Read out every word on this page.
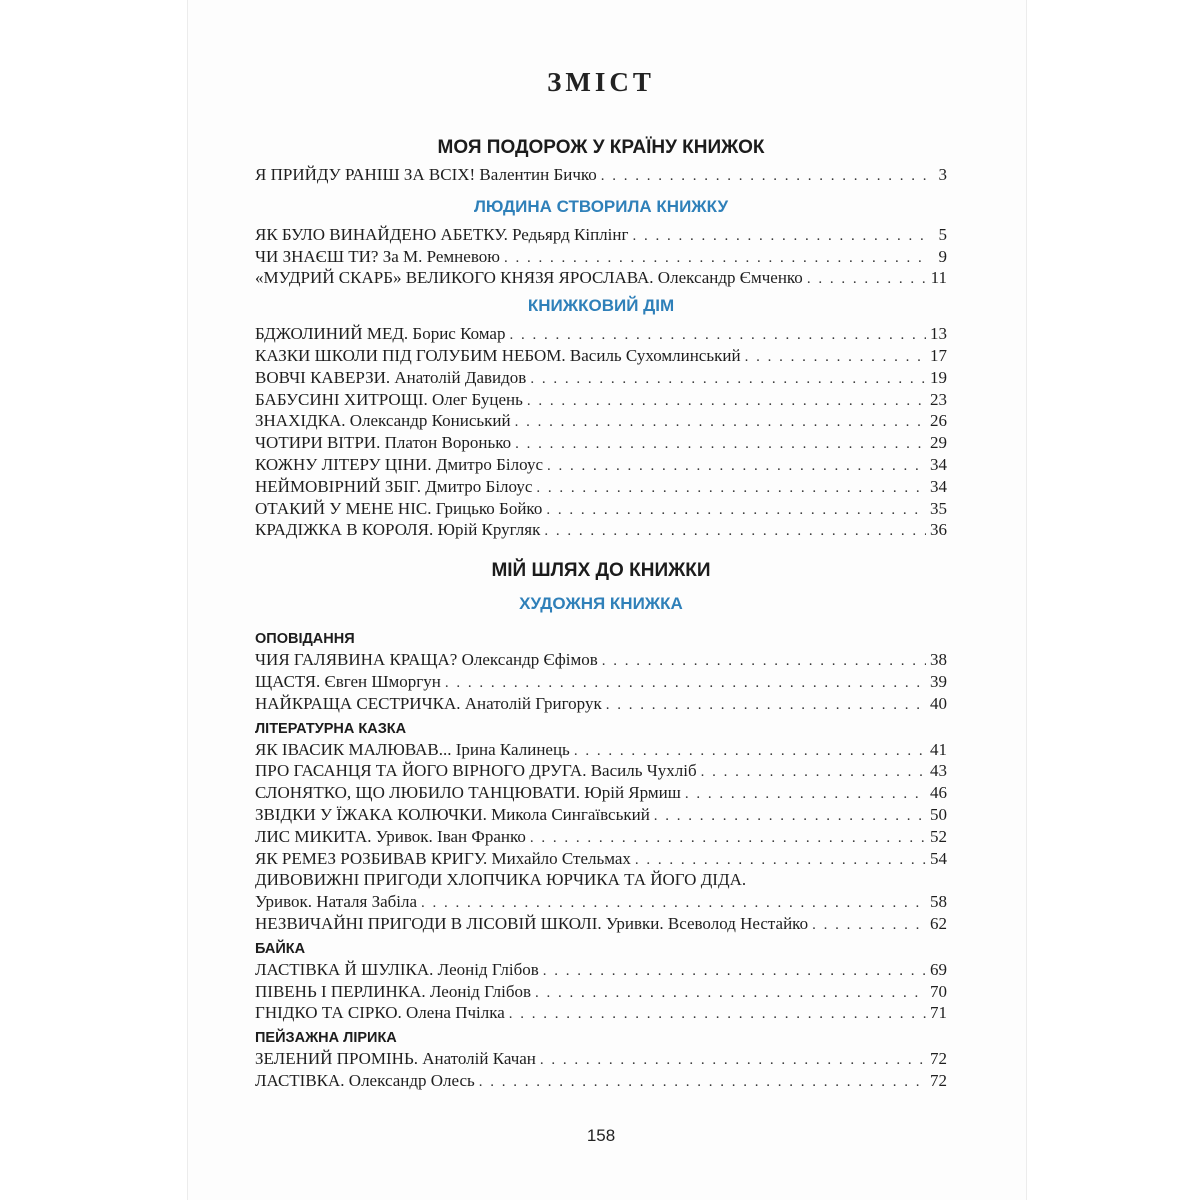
ЗМІСТ
МОЯ ПОДОРОЖ У КРАЇНУ КНИЖОК
Я ПРИЙДУ РАНІШ ЗА ВСІХ! Валентин Бичко . . .	3
ЛЮДИНА СТВОРИЛА КНИЖКУ
ЯК БУЛО ВИНАЙДЕНО АБЕТКУ. Редьярд Кіплінг . . .	5
ЧИ ЗНАЄШ ТИ? За М. Ремневою . . .	9
«МУДРИЙ СКАРБ» ВЕЛИКОГО КНЯЗЯ ЯРОСЛАВА. Олександр Ємченко . . .	11
КНИЖКОВИЙ ДІМ
БДЖОЛИНИЙ МЕД. Борис Комар . . .	13
КАЗКИ ШКОЛИ ПІД ГОЛУБИМ НЕБОМ. Василь Сухомлинський . . .	17
ВОВЧІ КАВЕРЗИ. Анатолій Давидов . . .	19
БАБУСИНІ ХИТРОЩІ. Олег Буцень . . .	23
ЗНАХІДКА. Олександр Кониський . . .	26
ЧОТИРИ ВІТРИ. Платон Воронько . . .	29
КОЖНУ ЛІТЕРУ ЦІНИ. Дмитро Білоус . . .	34
НЕЙМОВІРНИЙ ЗБІГ. Дмитро Білоус . . .	34
ОТАКИЙ У МЕНЕ НІС. Грицько Бойко . . .	35
КРАДІЖКА В КОРОЛЯ. Юрій Кругляк . . .	36
МІЙ ШЛЯХ ДО КНИЖКИ
ХУДОЖНЯ КНИЖКА
ОПОВІДАННЯ
ЧИЯ ГАЛЯВИНА КРАЩА? Олександр Єфімов . . .	38
ЩАСТЯ. Євген Шморгун . . .	39
НАЙКРАЩА СЕСТРИЧКА. Анатолій Григорук . . .	40
ЛІТЕРАТУРНА КАЗКА
ЯК ІВАСИК МАЛЮВАВ... Ірина Калинець . . .	41
ПРО ГАСАНЦЯ ТА ЙОГО ВІРНОГО ДРУГА. Василь Чухліб . . .	43
СЛОНЯТКО, ЩО ЛЮБИЛО ТАНЦЮВАТИ. Юрій Ярмиш . . .	46
ЗВІДКИ У ЇЖАКА КОЛЮЧКИ. Микола Сингаївський . . .	50
ЛИС МИКИТА. Уривок. Іван Франко . . .	52
ЯК РЕМЕЗ РОЗБИВАВ КРИГУ. Михайло Стельмах . . .	54
ДИВОВИЖНІ ПРИГОДИ ХЛОПЧИКА ЮРЧИКА ТА ЙОГО ДІДА.
Уривок. Наталя Забіла . . .	58
НЕЗВИЧАЙНІ ПРИГОДИ В ЛІСОВІЙ ШКОЛІ. Уривки. Всеволод Нестайко . . .	62
БАЙКА
ЛАСТІВКА Й ШУЛІКА. Леонід Глібов . . .	69
ПІВЕНЬ І ПЕРЛИНКА. Леонід Глібов . . .	70
ГНІДКО ТА СІРКО. Олена Пчілка . . .	71
ПЕЙЗАЖНА ЛІРИКА
ЗЕЛЕНИЙ ПРОМІНЬ. Анатолій Качан . . .	72
ЛАСТІВКА. Олександр Олесь . . .	72
158
